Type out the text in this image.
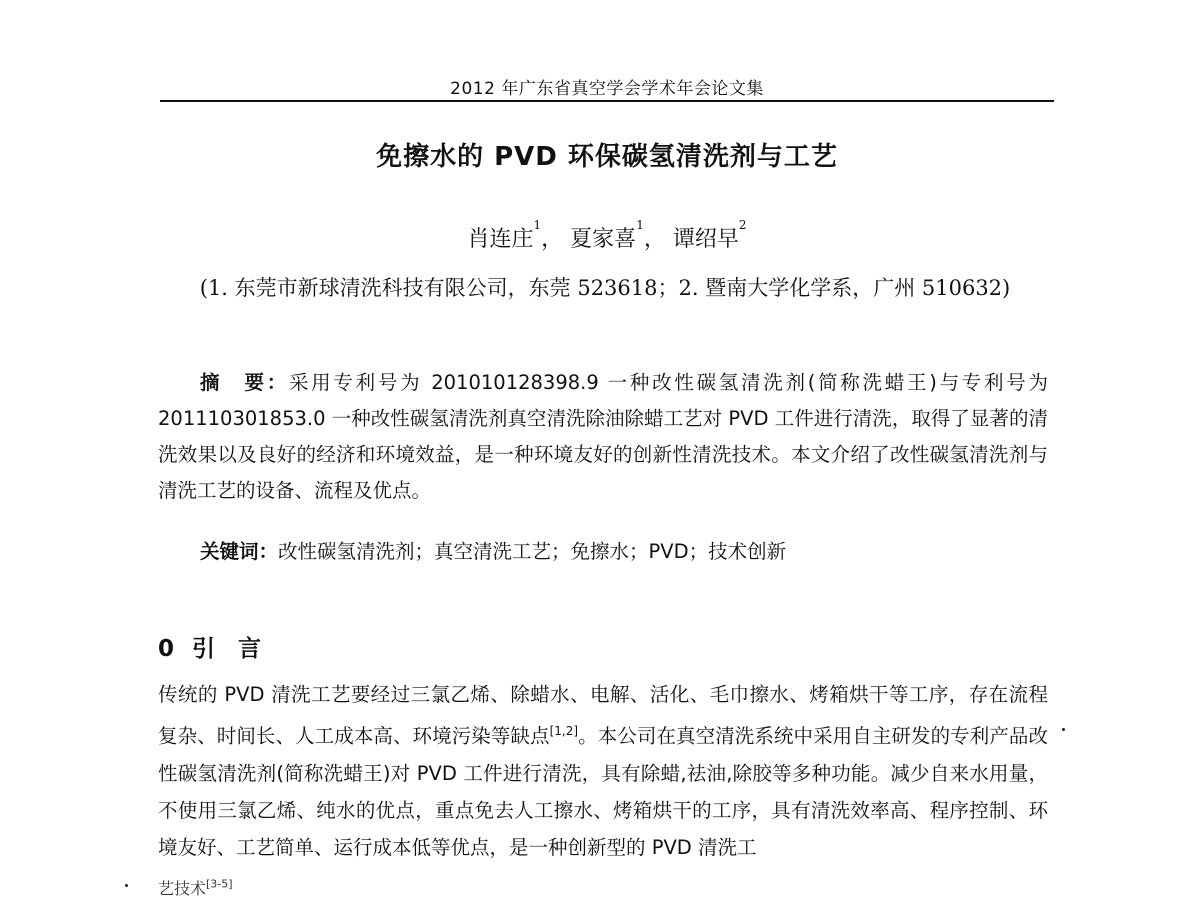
2012 年广东省真空学会学术年会论文集
免擦水的 PVD 环保碳氢清洗剂与工艺
肖连庄$^1$， 夏家喜$^1$， 谭绍早$^2$
(1. 东莞市新球清洗科技有限公司，东莞 523618；2. 暨南大学化学系，广州 510632)
摘　要：采用专利号为 201010128398.9 一种改性碳氢清洗剂(简称洗蜡王)与专利号为 201110301853.0 一种改性碳氢清洗剂真空清洗除油除蜡工艺对 PVD 工件进行清洗，取得了显著的清洗效果以及良好的经济和环境效益，是一种环境友好的创新性清洗技术。本文介绍了改性碳氢清洗剂与清洗工艺的设备、流程及优点。
关键词：改性碳氢清洗剂；真空清洗工艺；免擦水；PVD；技术创新
0 引　言
传统的 PVD 清洗工艺要经过三氯乙烯、除蜡水、电解、活化、毛巾擦水、烤箱烘干等工序，存在流程复杂、时间长、人工成本高、环境污染等缺点[1,2]。本公司在真空清洗系统中采用自主研发的专利产品改性碳氢清洗剂(简称洗蜡王)对 PVD 工件进行清洗，具有除蜡,祛油,除胶等多种功能。减少自来水用量，不使用三氯乙烯、纯水的优点，重点免去人工擦水、烤箱烘干的工序，具有清洗效率高、程序控制、环境友好、工艺简单、运行成本低等优点，是一种创新型的 PVD 清洗工
艺技术[3-5]
